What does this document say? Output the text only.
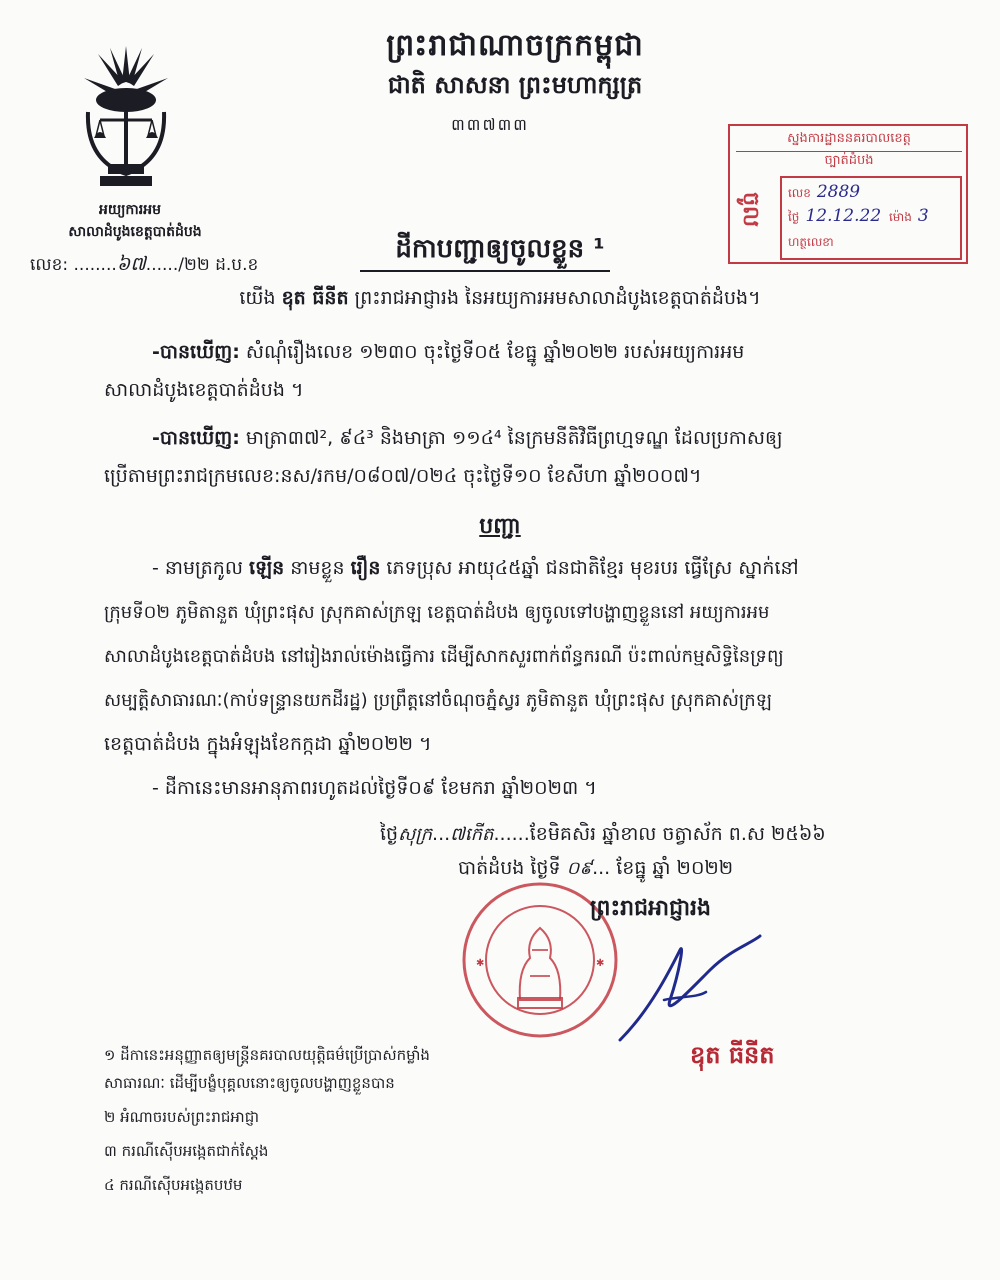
ព្រះរាជាណាចក្រកម្ពុជា
ជាតិ សាសនា ព្រះមហាក្សត្រ
៣៣៧៣៣
អយ្យការអម
សាលាដំបូងខេត្តបាត់ដំបង
លេខ: ........៦៧....../២២ ដ.ប.ខ
ស្នងការដ្ឋាននគរបាលខេត្ត
ច្បាត់ដំបង
ចូល លេខ 2889
ថ្ងៃ 12.12.22 ម៉ោង 3
ហត្ថលេខា
ដីកាបញ្ជាឲ្យចូលខ្លួន ¹
យើង ឧុត ធីនីត ព្រះរាជអាជ្ញារង នៃអយ្យការអមសាលាដំបូងខេត្តបាត់ដំបង។
-បានឃើញ: សំណុំរឿងលេខ ១២៣០ ចុះថ្ងៃទី០៥ ខែធ្នូ ឆ្នាំ២០២២ របស់អយ្យការអម
សាលាដំបូងខេត្តបាត់ដំបង ។
-បានឃើញ: មាត្រា៣៧², ៩៤³ និងមាត្រា ១១៤⁴ នៃក្រមនីតិវិធីព្រហ្មទណ្ឌ ដែលប្រកាសឲ្យ
ប្រើតាមព្រះរាជក្រមលេខ:នស/រកម/០៨០៧/០២៤ ចុះថ្ងៃទី១០ ខែសីហា ឆ្នាំ២០០៧។
បញ្ជា
- នាមត្រកូល ឡើន នាមខ្លួន រឿន ភេទប្រុស អាយុ៤៥ឆ្នាំ ជនជាតិខ្មែរ មុខរបរ ធ្វើស្រែ ស្នាក់នៅ
ក្រុមទី០២ ភូមិតានួត ឃុំព្រះផុស ស្រុកគាស់ក្រឡ ខេត្តបាត់ដំបង ឲ្យចូលទៅបង្ហាញខ្លួននៅ អយ្យការអម
សាលាដំបូងខេត្តបាត់ដំបង នៅរៀងរាល់ម៉ោងធ្វើការ ដើម្បីសាកសួរពាក់ព័ន្ធករណី ប៉ះពាល់កម្មសិទ្ធិនៃទ្រព្យ
សម្បត្តិសាធារណៈ(កាប់ទន្រ្ទានយកដីរដ្ឋ) ប្រព្រឹត្តនៅចំណុចភ្នំស្វរ ភូមិតានួត ឃុំព្រះផុស ស្រុកគាស់ក្រឡ
ខេត្តបាត់ដំបង ក្នុងអំឡុងខែកក្កដា ឆ្នាំ២០២២ ។
- ដីកានេះមានអានុភាពរហូតដល់ថ្ងៃទី០៩ ខែមករា ឆ្នាំ២០២៣ ។
ថ្ងៃសុក្រ...៧កើត......ខែមិគសិរ ឆ្នាំខាល ចត្វាស័ក ព.ស ២៥៦៦
បាត់ដំបង ថ្ងៃទី ០៩... ខែធ្នូ ឆ្នាំ ២០២២
✱	✱
ព្រះរាជអាជ្ញារង
ឧុត ធីនីត
១ ដីកានេះអនុញ្ញាតឲ្យមន្ត្រីនគរបាលយុត្តិធម៌ប្រើប្រាស់កម្លាំង
សាធារណៈ ដើម្បីបង្ខំបុគ្គលនោះឲ្យចូលបង្ហាញខ្លួនបាន
២ អំណាចរបស់ព្រះរាជអាជ្ញា
៣ ករណីស៊ើបអង្កេតជាក់ស្តែង
៤ ករណីស៊ើបអង្កេតបឋម
